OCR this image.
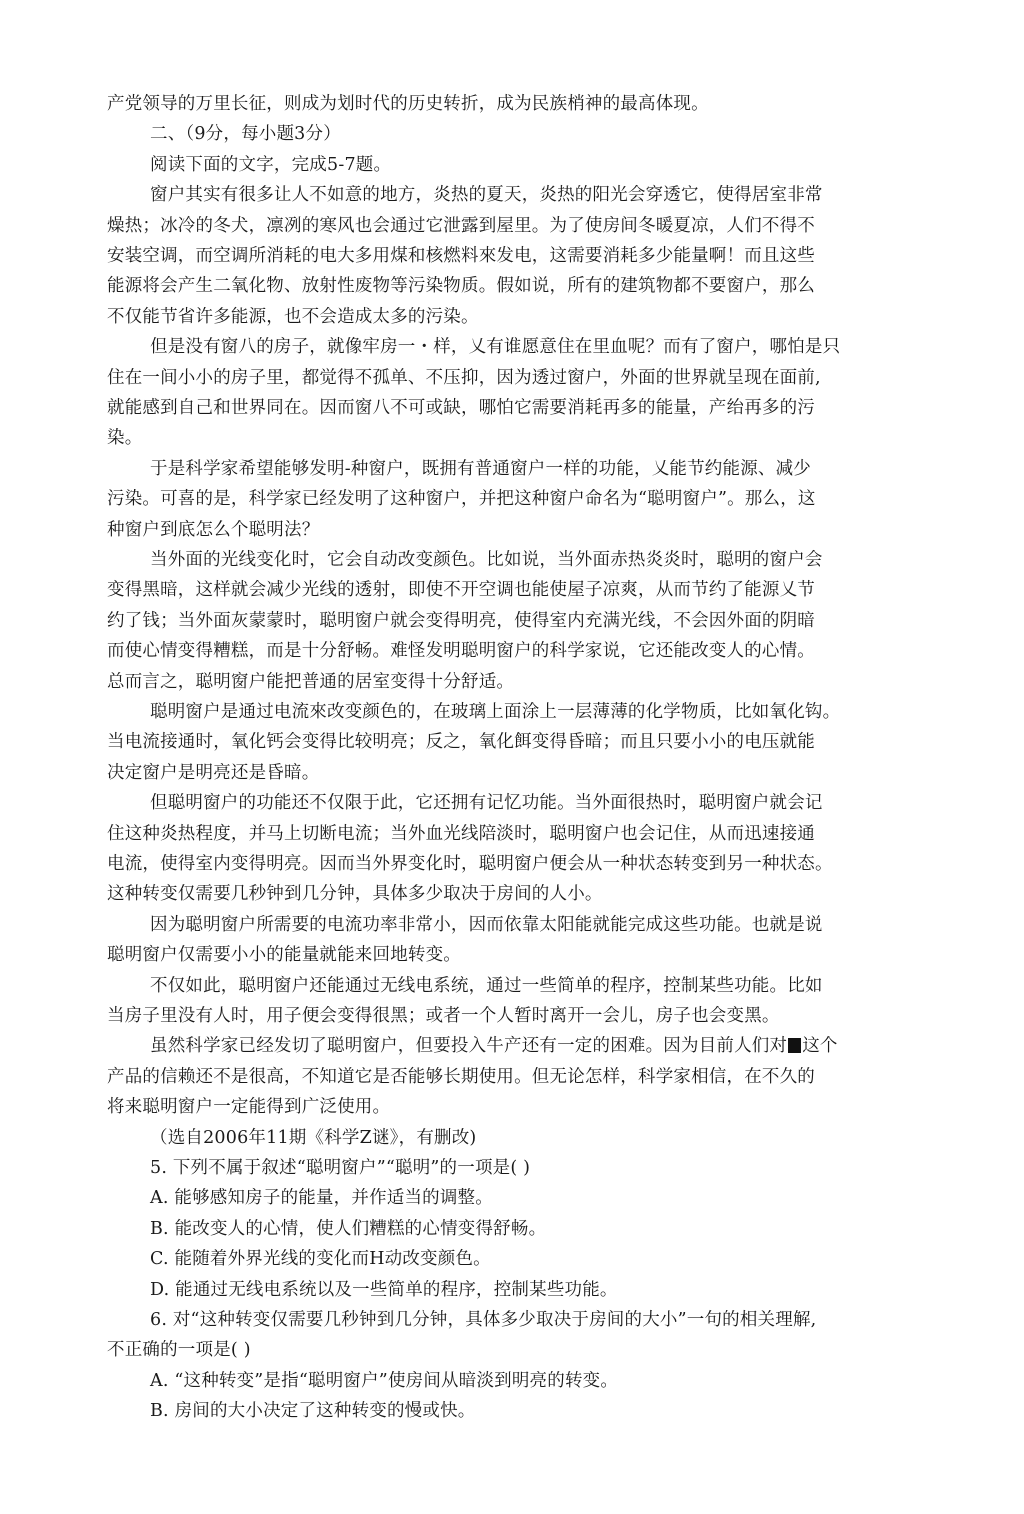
产党领导的万里长征，则成为划时代的历史转折，成为民族梢神的最高体现。
二、（9分，每小题3分）
阅读下面的文字，完成5-7题。
窗户其实有很多让人不如意的地方，炎热的夏天，炎热的阳光会穿透它，使得居室非常
燥热；冰冷的冬犬，凛冽的寒风也会通过它泄露到屋里。为了使房间冬暖夏凉，人们不得不
安装空调，而空调所消耗的电大多用煤和核燃料來发电，这需要消耗多少能量啊！而且这些
能源将会产生二氧化物、放射性废物等污染物质。假如说，所有的建筑物都不要窗户，那么
不仅能节省许多能源，也不会造成太多的污染。
但是没有窗八的房子，就像牢房一・样，乂有谁愿意住在里血呢？而有了窗户，哪怕是只
住在一间小小的房子里，都觉得不孤单、不压抑，因为透过窗户，外面的世界就呈现在面前,
就能感到自己和世界同在。因而窗八不可或缺，哪怕它需要消耗再多的能量，产绐再多的污
染。
于是科学家希望能够发明-种窗户，既拥有普通窗户一样的功能，乂能节约能源、减少
污染。可喜的是，科学家已经发明了这种窗户，并把这种窗户命名为“聪明窗户”。那么，这
种窗户到底怎么个聪明法？
当外面的光线变化时，它会自动改变颜色。比如说，当外面赤热炎炎时，聪明的窗户会
变得黑暗，这样就会减少光线的透射，即使不开空调也能使屋子凉爽，从而节约了能源乂节
约了钱；当外面灰蒙蒙时，聪明窗户就会变得明亮，使得室内充满光线，不会因外面的阴暗
而使心情变得糟糕，而是十分舒畅。难怪发明聪明窗户的科学家说，它还能改变人的心情。
总而言之，聪明窗户能把普通的居室变得十分舒适。
聪明窗户是通过电流來改变颜色的，在玻璃上面涂上一层薄薄的化学物质，比如氧化钩。
当电流接通时，氧化钙会变得比较明亮；反之，氧化餌变得昏暗；而且只要小小的电压就能
决定窗户是明亮还是昏暗。
但聪明窗户的功能还不仅限于此，它还拥有记忆功能。当外面很热时，聪明窗户就会记
住这种炎热程度，并马上切断电流；当外血光线陪淡时，聪明窗户也会记住，从而迅速接通
电流，使得室内变得明亮。因而当外界变化时，聪明窗户便会从一种状态转变到另一种状态。
这种转变仅需要几秒钟到几分钟，具体多少取决于房间的人小。
因为聪明窗户所需要的电流功率非常小，因而依靠太阳能就能完成这些功能。也就是说
聪明窗户仅需要小小的能量就能来回地转变。
不仅如此，聪明窗户还能通过无线电系统，通过一些简单的程序，控制某些功能。比如
当房子里没有人时，用子便会变得很黑；或者一个人暂时离开一会儿，房子也会变黑。
虽然科学家已经发切了聪明窗户，但要投入牛产还有一定的困难。因为目前人们对 这个
产品的信赖还不是很高，不知道它是否能够长期使用。但无论怎样，科学家相信，在不久的
将来聪明窗户一定能得到广泛使用。
（选自2006年11期《科学Z谜》，有删改)
5. 下列不属于叙述“聪明窗户”“聪明”的一项是( )
A. 能够感知房子的能量，并作适当的调整。
B. 能改变人的心情，使人们糟糕的心情变得舒畅。
C. 能随着外界光线的变化而H动改变颜色。
D. 能通过无线电系统以及一些简单的程序，控制某些功能。
6. 对“这种转变仅需要几秒钟到几分钟，具体多少取决于房间的大小”一句的相关理解,
不正确的一项是( )
A. “这种转变”是指“聪明窗户”使房间从暗淡到明亮的转变。
B. 房间的大小决定了这种转变的慢或快。
